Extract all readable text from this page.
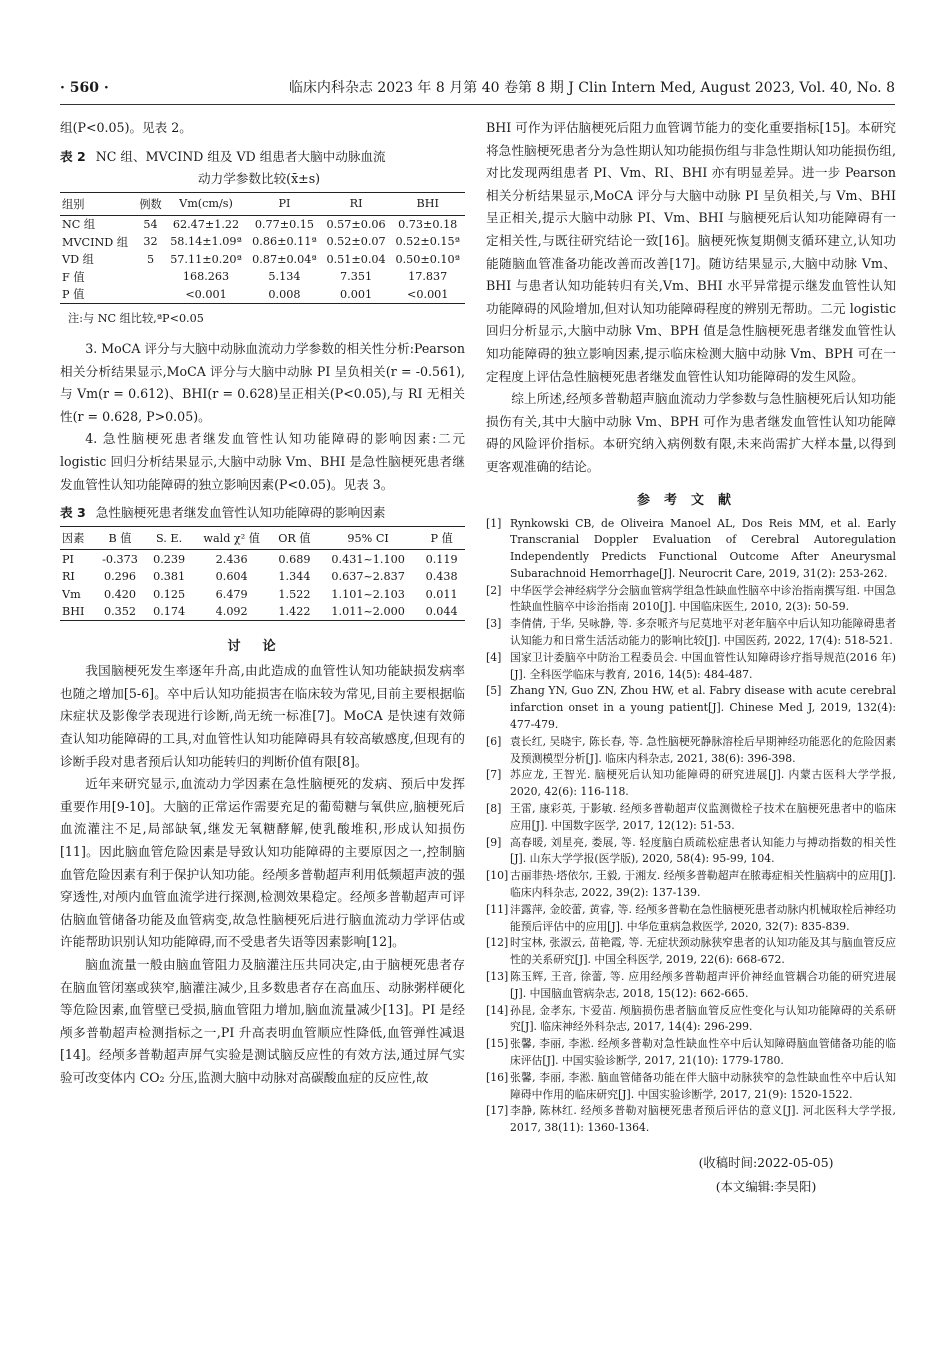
· 560 ·	临床内科杂志 2023 年 8 月第 40 卷第 8 期 J Clin Intern Med, August 2023, Vol. 40, No. 8

组(P<0.05)。见表 2。

表 2 NC 组、MVCIND 组及 VD 组患者大脑中动脉血流
动力学参数比较(x̄±s)
组别	例数	Vm(cm/s)	PI	RI	BHI
NC 组	54	62.47±1.22	0.77±0.15	0.57±0.06	0.73±0.18
MVCIND 组	32	58.14±1.09ª	0.86±0.11ª	0.52±0.07	0.52±0.15ª
VD 组	5	57.11±0.20ª	0.87±0.04ª	0.51±0.04	0.50±0.10ª
F 值		168.263	5.134	7.351	17.837
P 值		<0.001	0.008	0.001	<0.001
注:与 NC 组比较,ªP<0.05

3. MoCA 评分与大脑中动脉血流动力学参数的相关性分析:Pearson 相关分析结果显示,MoCA 评分与大脑中动脉 PI 呈负相关(r = -0.561),与 Vm(r = 0.612)、BHI(r = 0.628)呈正相关(P<0.05),与 RI 无相关性(r = 0.628, P>0.05)。

4. 急性脑梗死患者继发血管性认知功能障碍的影响因素:二元 logistic 回归分析结果显示,大脑中动脉 Vm、BHI 是急性脑梗死患者继发血管性认知功能障碍的独立影响因素(P<0.05)。见表 3。

表 3 急性脑梗死患者继发血管性认知功能障碍的影响因素
因素	B 值	S. E.	wald χ² 值	OR 值	95% CI	P 值
PI	-0.373	0.239	2.436	0.689	0.431~1.100	0.119
RI	0.296	0.381	0.604	1.344	0.637~2.837	0.438
Vm	0.420	0.125	6.479	1.522	1.101~2.103	0.011
BHI	0.352	0.174	4.092	1.422	1.011~2.000	0.044
讨论

我国脑梗死发生率逐年升高,由此造成的血管性认知功能缺损发病率也随之增加[5-6]。卒中后认知功能损害在临床较为常见,目前主要根据临床症状及影像学表现进行诊断,尚无统一标准[7]。MoCA 是快速有效筛查认知功能障碍的工具,对血管性认知功能障碍具有较高敏感度,但现有的诊断手段对患者预后认知功能转归的判断价值有限[8]。

近年来研究显示,血流动力学因素在急性脑梗死的发病、预后中发挥重要作用[9-10]。大脑的正常运作需要充足的葡萄糖与氧供应,脑梗死后血流灌注不足,局部缺氧,继发无氧糖酵解,使乳酸堆积,形成认知损伤[11]。因此脑血管危险因素是导致认知功能障碍的主要原因之一,控制脑血管危险因素有利于保护认知功能。经颅多普勒超声利用低频超声波的强穿透性,对颅内血管血流学进行探测,检测效果稳定。经颅多普勒超声可评估脑血管储备功能及血管病变,故急性脑梗死后进行脑血流动力学评估或许能帮助识别认知功能障碍,而不受患者失语等因素影响[12]。

脑血流量一般由脑血管阻力及脑灌注压共同决定,由于脑梗死患者存在脑血管闭塞或狭窄,脑灌注减少,且多数患者存在高血压、动脉粥样硬化等危险因素,血管壁已受损,脑血管阻力增加,脑血流量减少[13]。PI 是经颅多普勒超声检测指标之一,PI 升高表明血管顺应性降低,血管弹性减退[14]。经颅多普勒超声屏气实验是测试脑反应性的有效方法,通过屏气实验可改变体内 CO₂ 分压,监测大脑中动脉对高碳酸血症的反应性,故

BHI 可作为评估脑梗死后阻力血管调节能力的变化重要指标[15]。本研究将急性脑梗死患者分为急性期认知功能损伤组与非急性期认知功能损伤组,对比发现两组患者 PI、Vm、RI、BHI 亦有明显差异。进一步 Pearson 相关分析结果显示,MoCA 评分与大脑中动脉 PI 呈负相关,与 Vm、BHI 呈正相关,提示大脑中动脉 PI、Vm、BHI 与脑梗死后认知功能障碍有一定相关性,与既往研究结论一致[16]。脑梗死恢复期侧支循环建立,认知功能随脑血管准备功能改善而改善[17]。随访结果显示,大脑中动脉 Vm、BHI 与患者认知功能转归有关,Vm、BHI 水平异常提示继发血管性认知功能障碍的风险增加,但对认知功能障碍程度的辨别无帮助。二元 logistic 回归分析显示,大脑中动脉 Vm、BPH 值是急性脑梗死患者继发血管性认知功能障碍的独立影响因素,提示临床检测大脑中动脉 Vm、BPH 可在一定程度上评估急性脑梗死患者继发血管性认知功能障碍的发生风险。

综上所述,经颅多普勒超声脑血流动力学参数与急性脑梗死后认知功能损伤有关,其中大脑中动脉 Vm、BPH 可作为患者继发血管性认知功能障碍的风险评价指标。本研究纳入病例数有限,未来尚需扩大样本量,以得到更客观准确的结论。

参考文献
[1] Rynkowski CB, de Oliveira Manoel AL, Dos Reis MM, et al. Early Transcranial Doppler Evaluation of Cerebral Autoregulation Independently Predicts Functional Outcome After Aneurysmal Subarachnoid Hemorrhage[J]. Neurocrit Care, 2019, 31(2): 253-262.
[2] 中华医学会神经病学分会脑血管病学组急性缺血性脑卒中诊治指南撰写组. 中国急性缺血性脑卒中诊治指南 2010[J]. 中国临床医生, 2010, 2(3): 50-59.
[3] 李倩倩, 于华, 吴咏静, 等. 多奈哌齐与尼莫地平对老年脑卒中后认知功能障碍患者认知能力和日常生活活动能力的影响比较[J]. 中国医药, 2022, 17(4): 518-521.
[4] 国家卫计委脑卒中防治工程委员会. 中国血管性认知障碍诊疗指导规范(2016 年)[J]. 全科医学临床与教育, 2016, 14(5): 484-487.
[5] Zhang YN, Guo ZN, Zhou HW, et al. Fabry disease with acute cerebral infarction onset in a young patient[J]. Chinese Med J, 2019, 132(4): 477-479.
[6] 袁长红, 吴晓宇, 陈长春, 等. 急性脑梗死静脉溶栓后早期神经功能恶化的危险因素及预测模型分析[J]. 临床内科杂志, 2021, 38(6): 396-398.
[7] 苏应龙, 王智光. 脑梗死后认知功能障碍的研究进展[J]. 内蒙古医科大学学报, 2020, 42(6): 116-118.
[8] 王雷, 康彩英, 于影敏. 经颅多普勒超声仪监测微栓子技术在脑梗死患者中的临床应用[J]. 中国数字医学, 2017, 12(12): 51-53.
[9] 高春暖, 刘星亮, 娄展, 等. 轻度脑白质疏松症患者认知能力与搏动指数的相关性[J]. 山东大学学报(医学版), 2020, 58(4): 95-99, 104.
[10] 古丽菲热·塔依尔, 王毅, 于湘友. 经颅多普勒超声在脓毒症相关性脑病中的应用[J]. 临床内科杂志, 2022, 39(2): 137-139.
[11] 沣露萍, 金皎蕾, 黄睿, 等. 经颅多普勒在急性脑梗死患者动脉内机械取栓后神经功能预后评估中的应用[J]. 中华危重病急救医学, 2020, 32(7): 835-839.
[12] 时宝林, 张淑云, 苗艳霞, 等. 无症状颈动脉狭窄患者的认知功能及其与脑血管反应性的关系研究[J]. 中国全科医学, 2019, 22(6): 668-672.
[13] 陈玉辉, 王音, 徐蕾, 等. 应用经颅多普勒超声评价神经血管耦合功能的研究进展[J]. 中国脑血管病杂志, 2018, 15(12): 662-665.
[14] 孙昆, 金孝东, 卞爱苗. 颅脑损伤患者脑血管反应性变化与认知功能障碍的关系研究[J]. 临床神经外科杂志, 2017, 14(4): 296-299.
[15] 张馨, 李丽, 李淞. 经颅多普勒对急性缺血性卒中后认知障碍脑血管储备功能的临床评估[J]. 中国实验诊断学, 2017, 21(10): 1779-1780.
[16] 张馨, 李丽, 李淞. 脑血管储备功能在伴大脑中动脉狭窄的急性缺血性卒中后认知障碍中作用的临床研究[J]. 中国实验诊断学, 2017, 21(9): 1520-1522.
[17] 李静, 陈林红. 经颅多普勒对脑梗死患者预后评估的意义[J]. 河北医科大学学报, 2017, 38(11): 1360-1364.
(收稿时间:2022-05-05)
(本文编辑:李昊阳)
